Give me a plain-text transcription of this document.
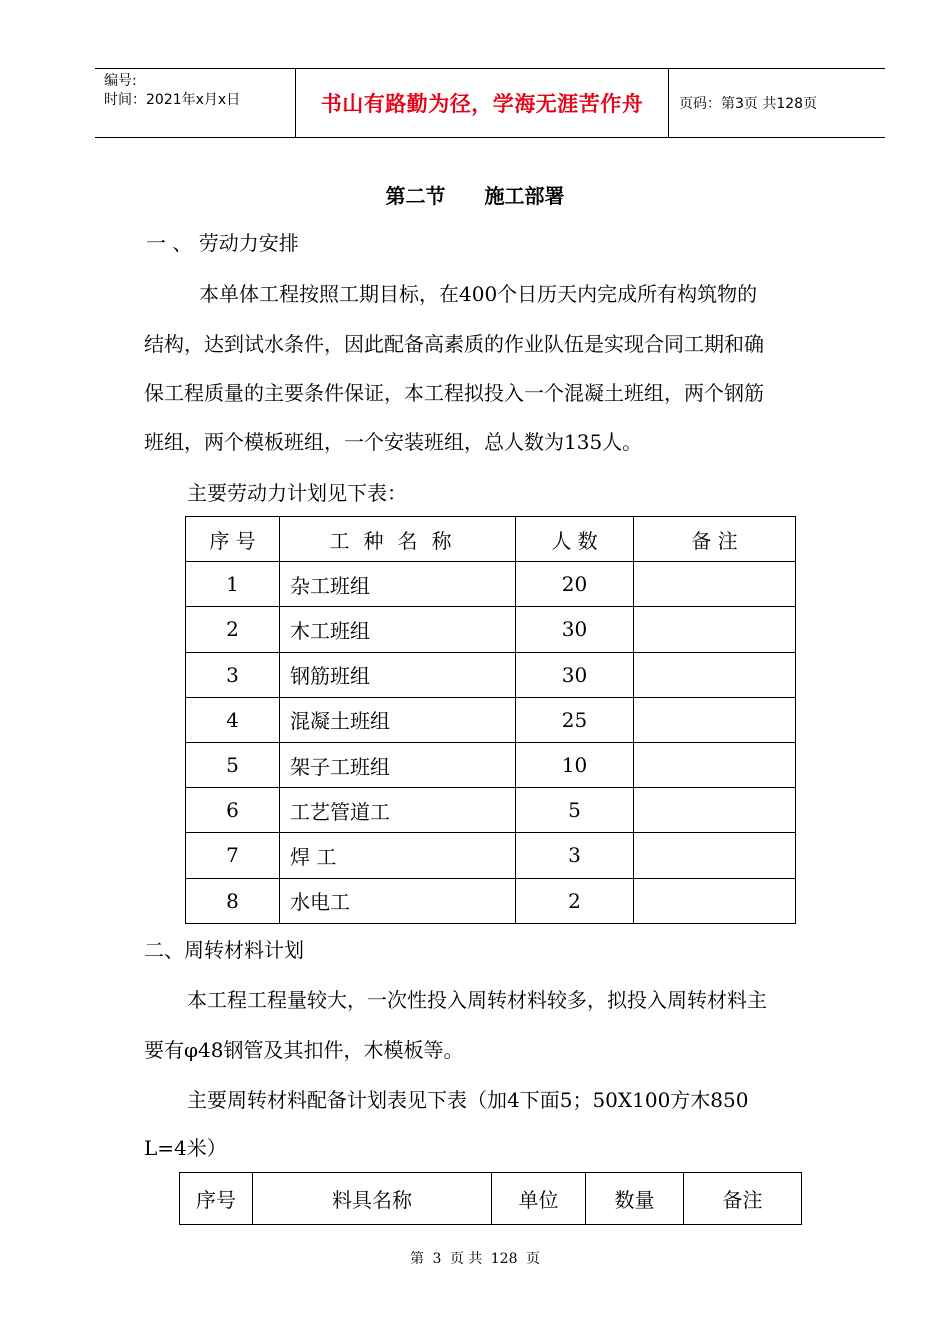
编号:
时间：2021年x月x日	书山有路勤为径，学海无涯苦作舟	页码：第3页 共128页
第二节 施工部署
一 、 劳动力安排
本单体工程按照工期目标，在400个日历天内完成所有构筑物的
结构，达到试水条件，因此配备高素质的作业队伍是实现合同工期和确
保工程质量的主要条件保证，本工程拟投入一个混凝土班组，两个钢筋
班组，两个模板班组，一个安装班组，总人数为135人。
主要劳动力计划见下表：
序 号	工种名称	人 数	备 注
1	杂工班组	20	
2	木工班组	30	
3	钢筋班组	30	
4	混凝土班组	25	
5	架子工班组	10	
6	工艺管道工	5	
7	焊 工	3	
8	水电工	2	
二、周转材料计划
本工程工程量较大，一次性投入周转材料较多，拟投入周转材料主
要有φ48钢管及其扣件，木模板等。
主要周转材料配备计划表见下表（加4下面5；50X100方木850
L=4米）
序号	料具名称	单位	数量	备注
第 3 页 共 128 页
